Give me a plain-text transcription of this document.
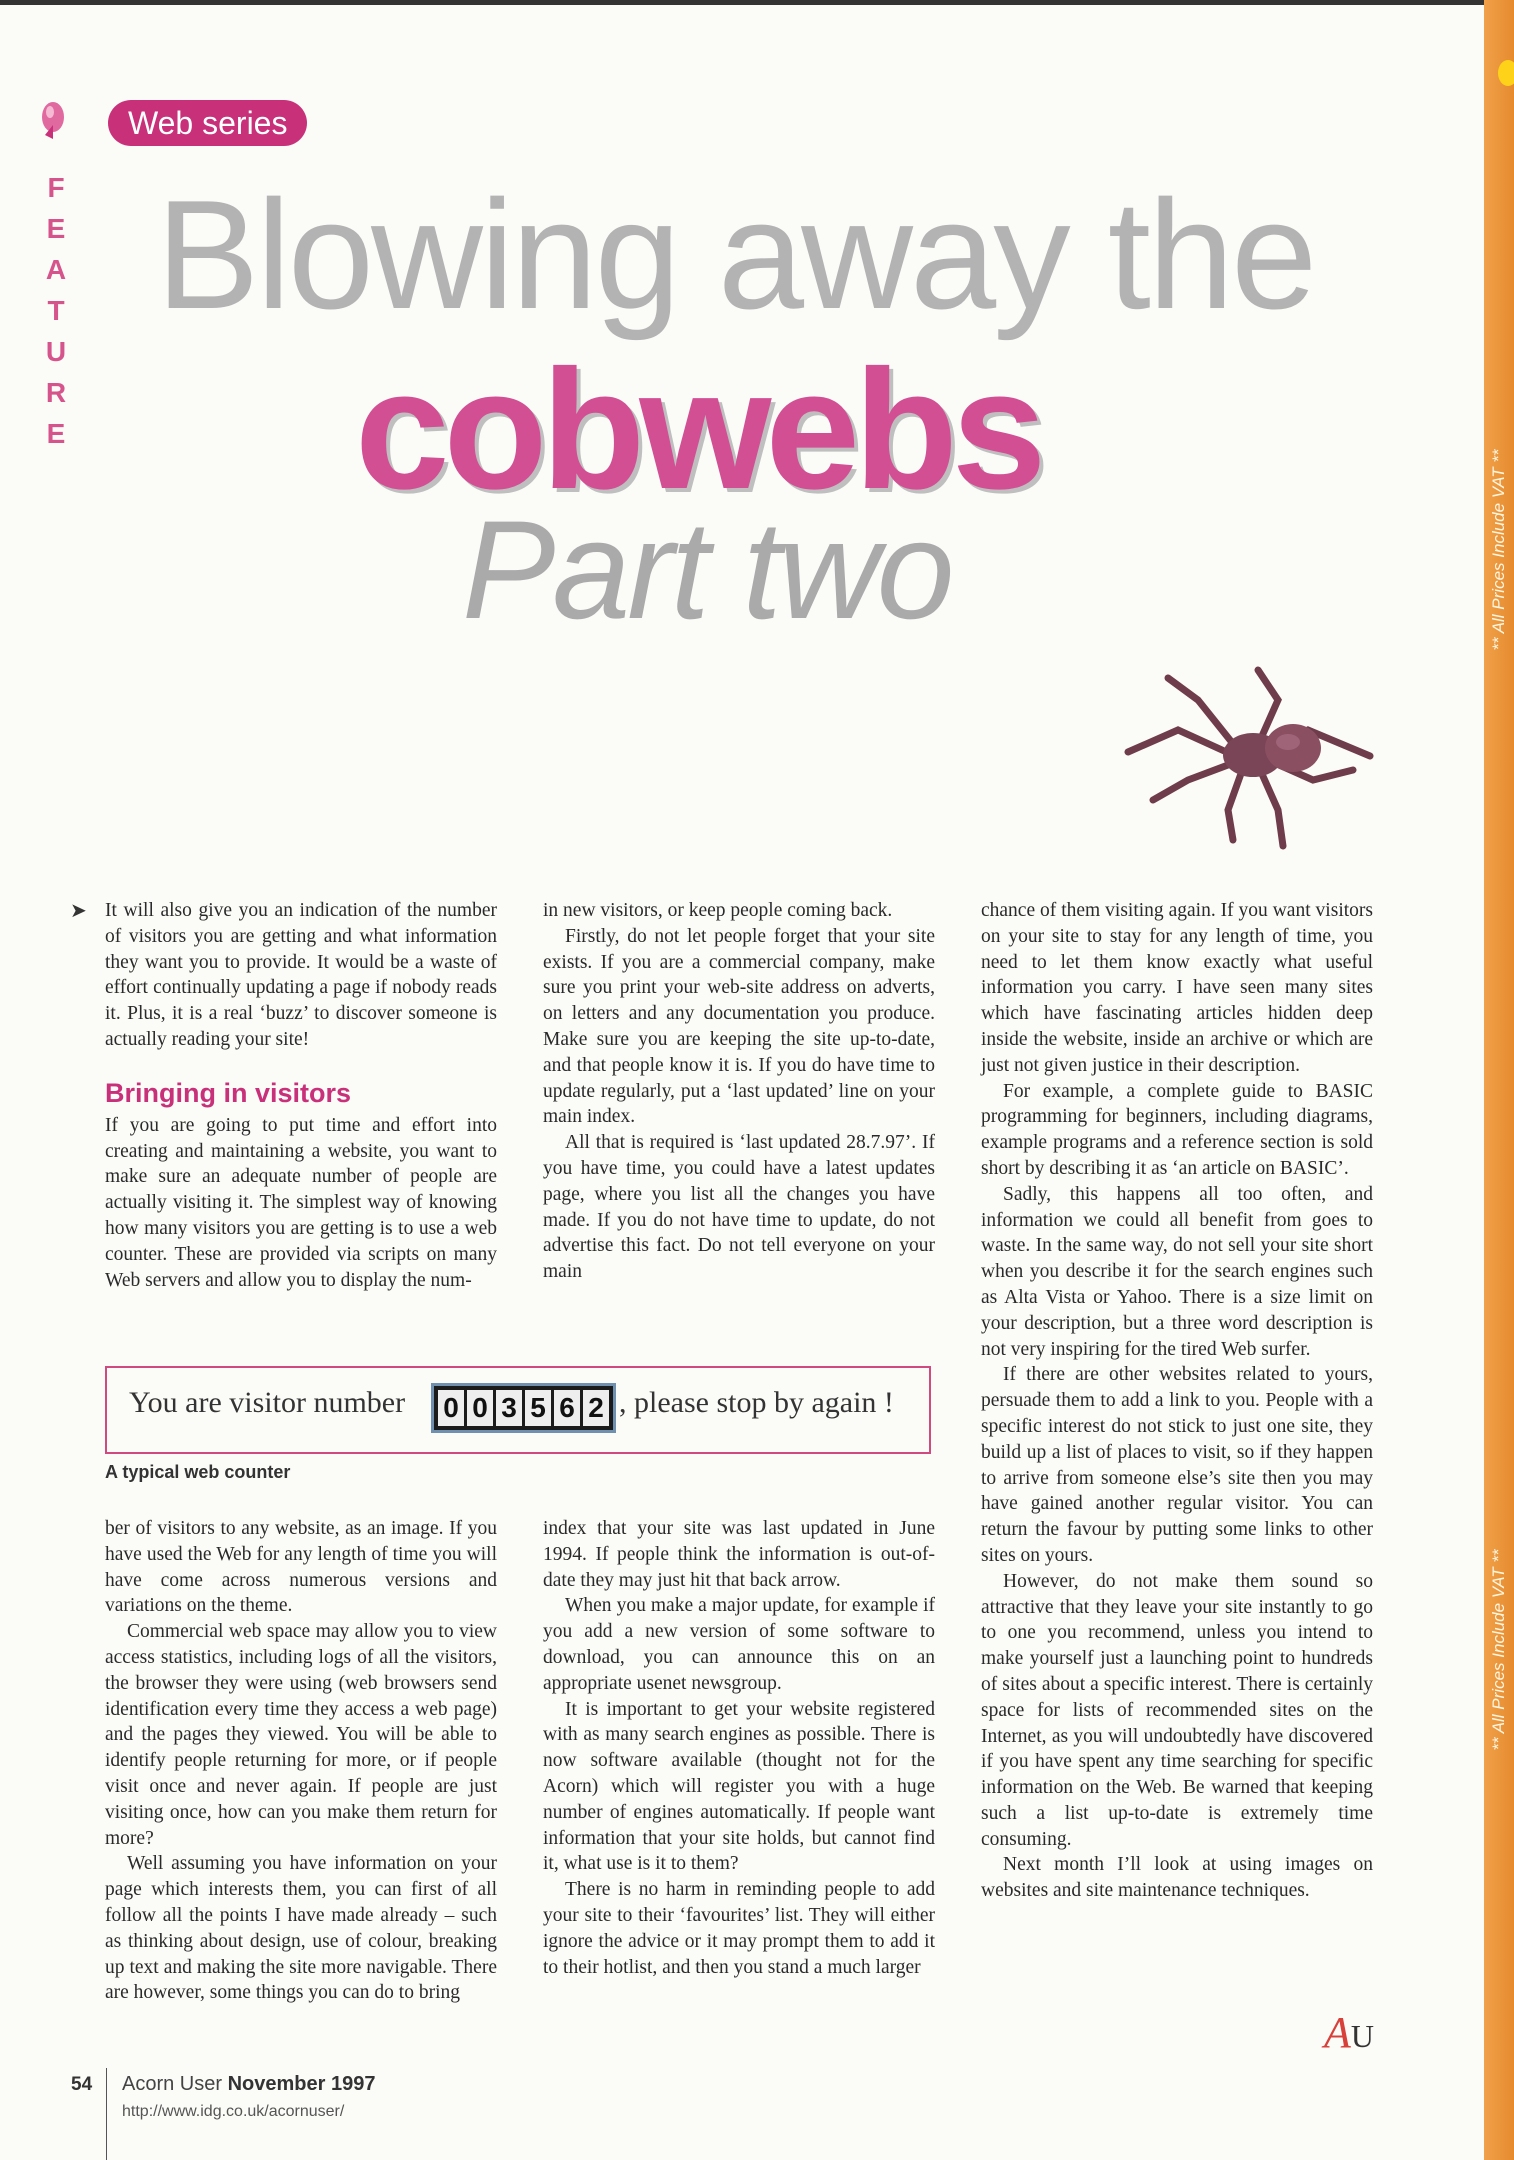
** All Prices Include VAT **
** All Prices Include VAT **
F
E
A
T
U
R
E
Web series
Blowing away the
cobwebs
Part two
➤ It will also give you an indication of the number of visitors you are getting and what information they want you to provide. It would be a waste of effort continually updating a page if nobody reads it. Plus, it is a real ‘buzz’ to discover someone is actually reading your site!

Bringing in visitors

If you are going to put time and effort into creating and maintaining a website, you want to make sure an adequate number of people are actually visiting it. The simplest way of knowing how many visitors you are getting is to use a web counter. These are provided via scripts on many Web servers and allow you to display the num-

in new visitors, or keep people coming back.

Firstly, do not let people forget that your site exists. If you are a commercial company, make sure you print your web-site address on adverts, on letters and any documentation you produce. Make sure you are keeping the site up-to-date, and that people know it is. If you do have time to update regularly, put a ‘last updated’ line on your main index.

All that is required is ‘last updated 28.7.97’. If you have time, you could have a latest updates page, where you list all the changes you have made. If you do not have time to update, do not advertise this fact. Do not tell everyone on your main

You are visitor number 0 0 3 5 6 2 , please stop by again !
A typical web counter

ber of visitors to any website, as an image. If you have used the Web for any length of time you will have come across numerous versions and variations on the theme.

Commercial web space may allow you to view access statistics, including logs of all the visitors, the browser they were using (web browsers send identification every time they access a web page) and the pages they viewed. You will be able to identify people returning for more, or if people visit once and never again. If people are just visiting once, how can you make them return for more?

Well assuming you have information on your page which interests them, you can first of all follow all the points I have made already – such as thinking about design, use of colour, breaking up text and making the site more navigable. There are however, some things you can do to bring

index that your site was last updated in June 1994. If people think the information is out-of-date they may just hit that back arrow.

When you make a major update, for example if you add a new version of some software to download, you can announce this on an appropriate usenet newsgroup.

It is important to get your website registered with as many search engines as possible. There is now software available (thought not for the Acorn) which will register you with a huge number of engines automatically. If people want information that your site holds, but cannot find it, what use is it to them?

There is no harm in reminding people to add your site to their ‘favourites’ list. They will either ignore the advice or it may prompt them to add it to their hotlist, and then you stand a much larger

chance of them visiting again. If you want visitors on your site to stay for any length of time, you need to let them know exactly what useful information you carry. I have seen many sites which have fascinating articles hidden deep inside the website, inside an archive or which are just not given justice in their description.

For example, a complete guide to BASIC programming for beginners, including diagrams, example programs and a reference section is sold short by describing it as ‘an article on BASIC’.

Sadly, this happens all too often, and information we could all benefit from goes to waste. In the same way, do not sell your site short when you describe it for the search engines such as Alta Vista or Yahoo. There is a size limit on your description, but a three word description is not very inspiring for the tired Web surfer.

If there are other websites related to yours, persuade them to add a link to you. People with a specific interest do not stick to just one site, they build up a list of places to visit, so if they happen to arrive from someone else’s site then you may have gained another regular visitor. You can return the favour by putting some links to other sites on yours.

However, do not make them sound so attractive that they leave your site instantly to go to one you recommend, unless you intend to make yourself just a launching point to hundreds of sites about a specific interest. There is certainly space for lists of recommended sites on the Internet, as you will undoubtedly have discovered if you have spent any time searching for specific information on the Web. Be warned that keeping such a list up-to-date is extremely time consuming.

Next month I’ll look at using images on websites and site maintenance techniques.

AU
54 Acorn User November 1997
http://www.idg.co.uk/acornuser/
